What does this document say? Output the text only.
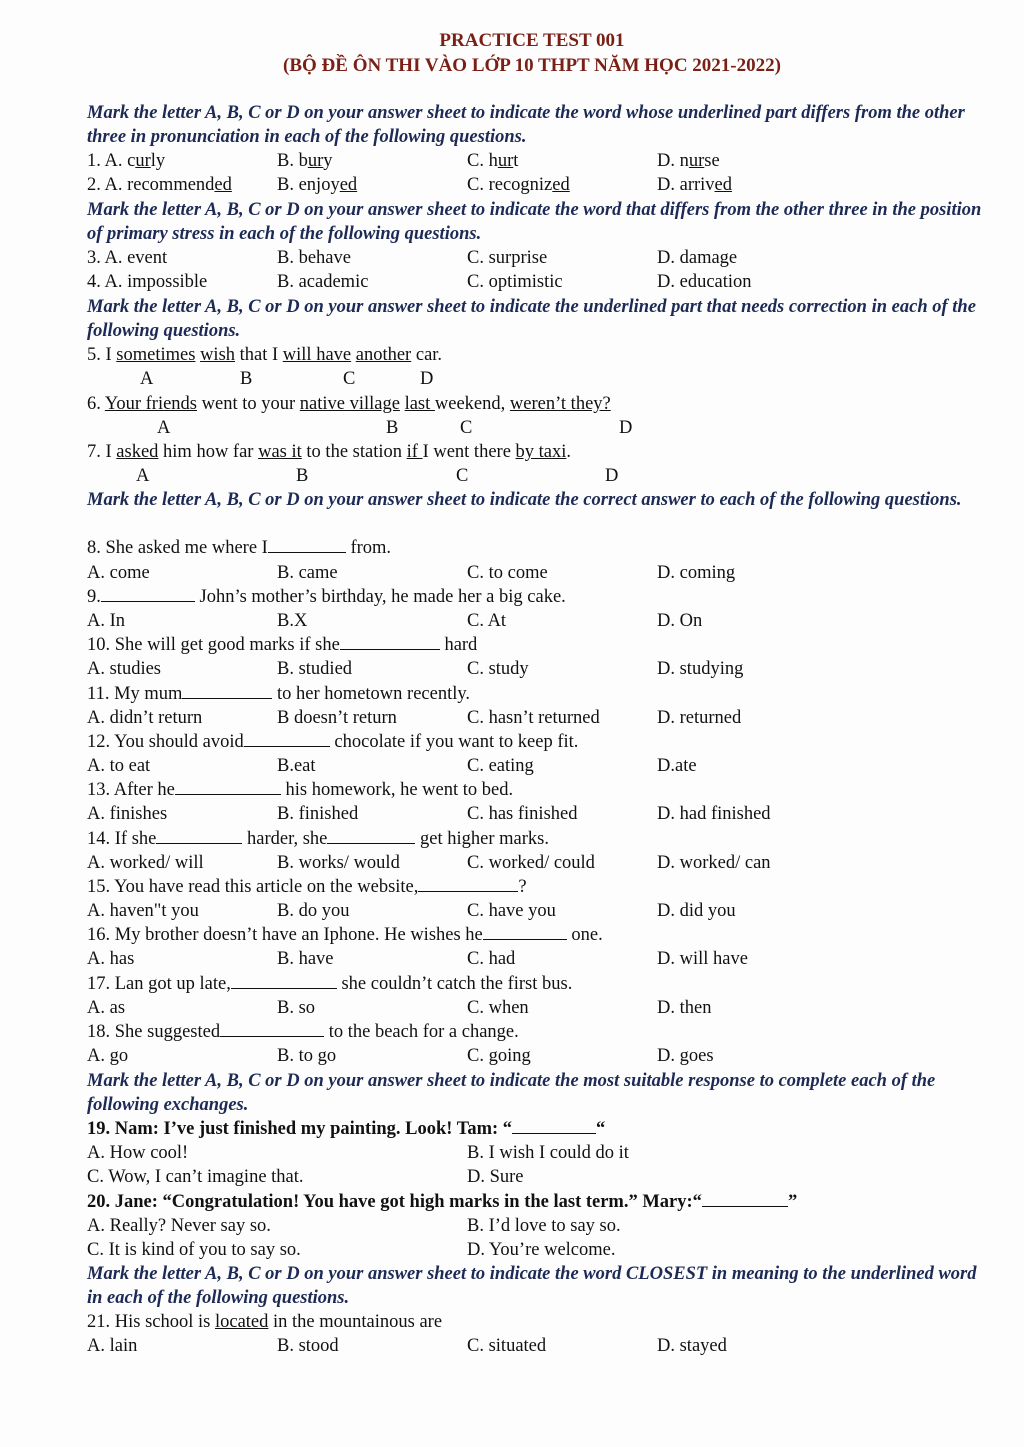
PRACTICE TEST 001
(BỘ ĐỀ ÔN THI VÀO LỚP 10 THPT NĂM HỌC 2021-2022)
Mark the letter A, B, C or D on your answer sheet to indicate the word whose underlined part differs from the other three in pronunciation in each of the following questions.
1. A. curly	B. bury	C. hurt	D. nurse
2. A. recommended B. enjoyed	C. recognized	D. arrived
Mark the letter A, B, C or D on your answer sheet to indicate the word that differs from the other three in the position of primary stress in each of the following questions.
3. A. event	B. behave	C. surprise	D. damage
4. A. impossible	B. academic	C. optimistic	D. education
Mark the letter A, B, C or D on your answer sheet to indicate the underlined part that needs correction in each of the following questions.
5. I sometimes wish that I will have another car.
A	B	C	D
6. Your friends went to your native village last weekend, weren’t they?
A	B	C	D
7. I asked him how far was it to the station if I went there by taxi.
A	B	C	D
Mark the letter A, B, C or D on your answer sheet to indicate the correct answer to each of the following questions.
8. She asked me where I	from.
A. come	B. came	C. to come	D. coming
9.	John’s mother’s birthday, he made her a big cake.
A. In	B.X	C. At	D. On
10. She will get good marks if she	hard
A. studies	B. studied	C. study	D. studying
11. My mum	to her hometown recently.
A. didn’t return	B doesn’t return	C. hasn’t returned	D. returned
12. You should avoid	chocolate if you want to keep fit.
A. to eat	B.eat	C. eating	D.ate
13. After he	his homework, he went to bed.
A. finishes	B. finished	C. has finished	D. had finished
14. If she	harder, she	get higher marks.
A. worked/ will	B. works/ would	C. worked/ could	D. worked/ can
15. You have read this article on the website,	?
A. haven"t you	B. do you	C. have you	D. did you
16. My brother doesn’t have an Iphone. He wishes he	one.
A. has	B. have	C. had	D. will have
17. Lan got up late,	she couldn’t catch the first bus.
A. as	B. so	C. when	D. then
18. She suggested	to the beach for a change.
A. go	B. to go	C. going	D. goes
Mark the letter A, B, C or D on your answer sheet to indicate the most suitable response to complete each of the following exchanges.
19. Nam: I’ve just finished my painting. Look! Tam: “	“
A. How cool!	B. I wish I could do it
C. Wow, I can’t imagine that.	D. Sure
20. Jane: “Congratulation! You have got high marks in the last term.” Mary:“	”
A. Really? Never say so.	B. I’d love to say so.
C. It is kind of you to say so.	D. You’re welcome.
Mark the letter A, B, C or D on your answer sheet to indicate the word CLOSEST in meaning to the underlined word in each of the following questions.
21. His school is located in the mountainous are
A. lain	B. stood	C. situated	D. stayed
